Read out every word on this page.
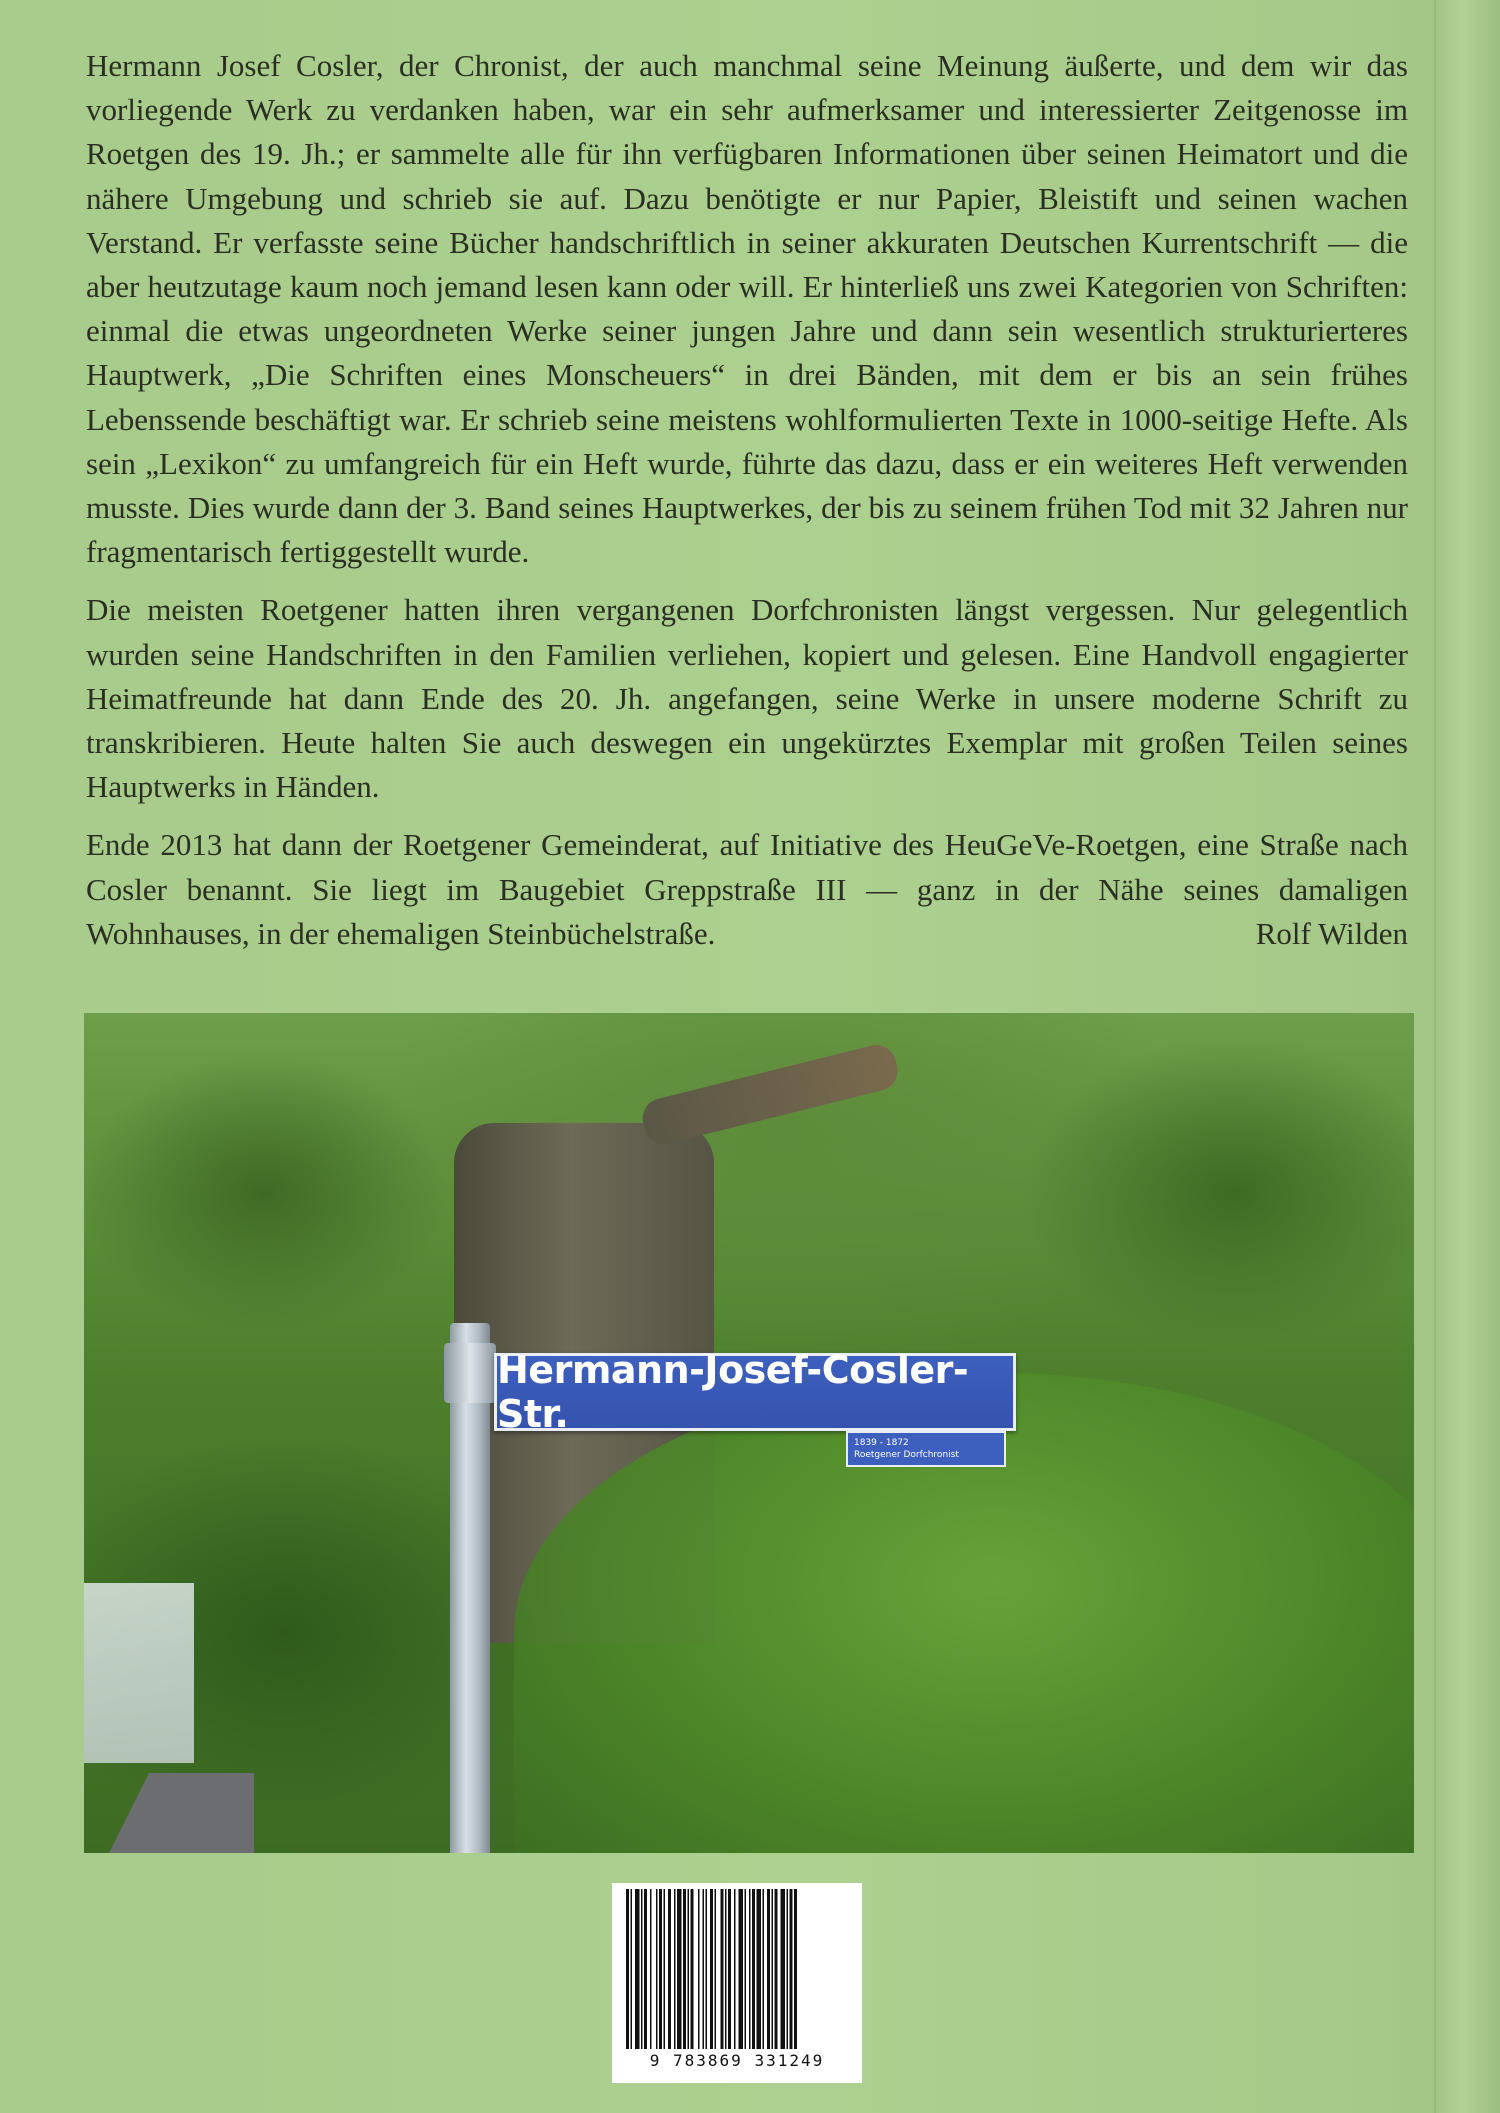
Hermann Josef Cosler, der Chronist, der auch manchmal seine Meinung äußerte, und dem wir das vorliegende Werk zu verdanken haben, war ein sehr aufmerksamer und interessierter Zeitgenosse im Roetgen des 19. Jh.; er sammelte alle für ihn verfügbaren Informationen über seinen Heimatort und die nähere Umgebung und schrieb sie auf. Dazu benötigte er nur Papier, Bleistift und seinen wachen Verstand. Er verfasste seine Bücher handschriftlich in seiner akkuraten Deutschen Kurrentschrift — die aber heutzutage kaum noch jemand lesen kann oder will. Er hinterließ uns zwei Kategorien von Schriften: einmal die etwas ungeordneten Werke seiner jungen Jahre und dann sein wesentlich strukturierteres Hauptwerk, „Die Schriften eines Monscheuers“ in drei Bänden, mit dem er bis an sein frühes Lebenssende beschäftigt war. Er schrieb seine meistens wohlformulierten Texte in 1000-seitige Hefte. Als sein „Lexikon“ zu umfangreich für ein Heft wurde, führte das dazu, dass er ein weiteres Heft verwenden musste. Dies wurde dann der 3. Band seines Hauptwerkes, der bis zu seinem frühen Tod mit 32 Jahren nur fragmentarisch fertiggestellt wurde.

Die meisten Roetgener hatten ihren vergangenen Dorfchronisten längst vergessen. Nur gelegentlich wurden seine Handschriften in den Familien verliehen, kopiert und gelesen. Eine Handvoll engagierter Heimatfreunde hat dann Ende des 20. Jh. angefangen, seine Werke in unsere moderne Schrift zu transkribieren. Heute halten Sie auch deswegen ein ungekürztes Exemplar mit großen Teilen seines Hauptwerks in Händen.

Ende 2013 hat dann der Roetgener Gemeinderat, auf Initiative des HeuGeVe-Roetgen, eine Straße nach Cosler benannt. Sie liegt im Baugebiet Greppstraße III — ganz in der Nähe seines damaligen Wohnhauses, in der ehemaligen Steinbüchelstraße.	Rolf Wilden

Hermann-Josef-Cosler-Str.
1839 - 1872
Roetgener Dorfchronist
9 783869 331249
